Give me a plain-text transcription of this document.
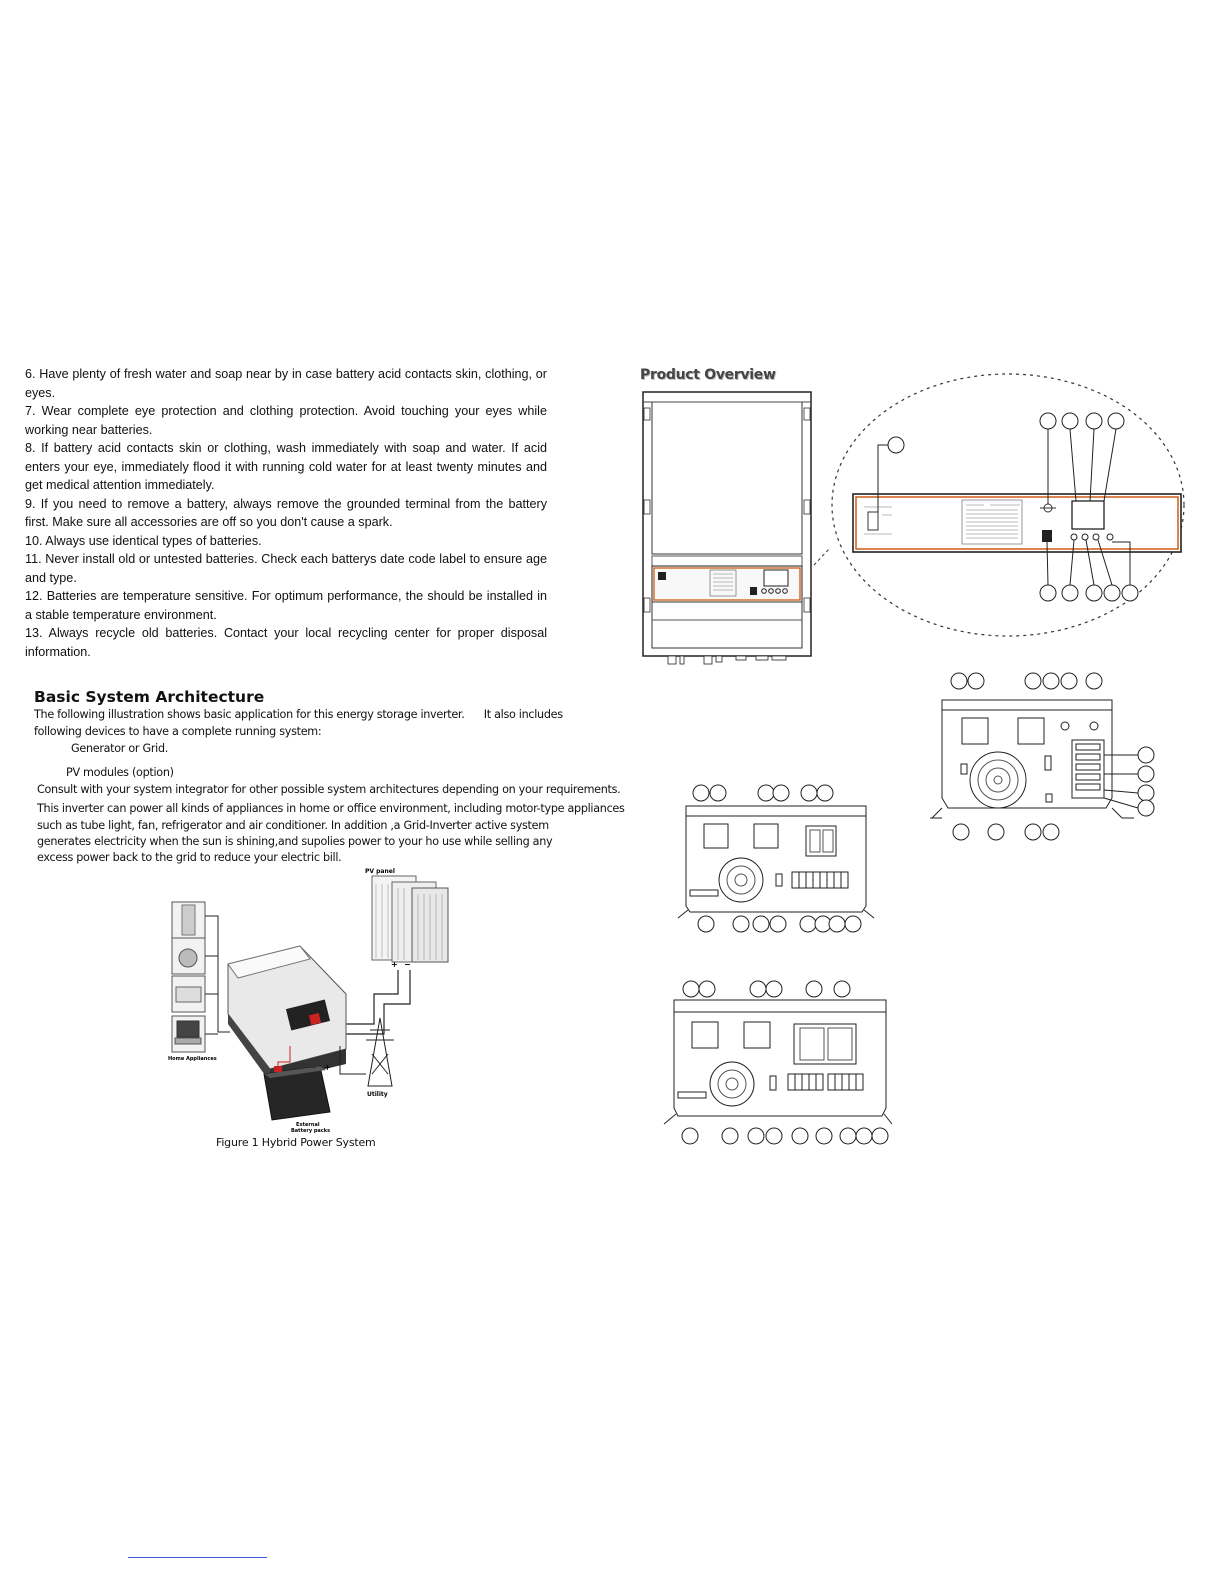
6. Have plenty of fresh water and soap near by in case battery acid contacts skin, clothing, or eyes.
7. Wear complete eye protection and clothing protection. Avoid touching your eyes while working near batteries.
8. If battery acid contacts skin or clothing, wash immediately with soap and water. If acid enters your eye, immediately flood it with running cold water for at least twenty minutes and get medical attention immediately.
9. If you need to remove a battery, always remove the grounded terminal from the battery first. Make sure all accessories are off so you don't cause a spark.
10. Always use identical types of batteries.
11. Never install old or untested batteries. Check each batterys date code label to ensure age and type.
12. Batteries are temperature sensitive. For optimum performance, the should be installed in a stable temperature environment.
13. Always recycle old batteries. Contact your local recycling center for proper disposal information.
Basic System Architecture
The following illustration shows basic application for this energy storage inverter. It also includes
following devices to have a complete running system:
Generator or Grid.
PV modules (option)
Consult with your system integrator for other possible system architectures depending on your requirements.
This inverter can power all kinds of appliances in home or office environment, including motor-type appliances
such as tube light, fan, refrigerator and air conditioner. In addition ,a Grid-Inverter active system
generates electricity when the sun is shining,and supolies power to your ho use while selling any
excess power back to the grid to reduce your electric bill.
PV panel
+ −
Home Appliances
Utility
+
External
Battery packs
Figure 1 Hybrid Power System
Product Overview
